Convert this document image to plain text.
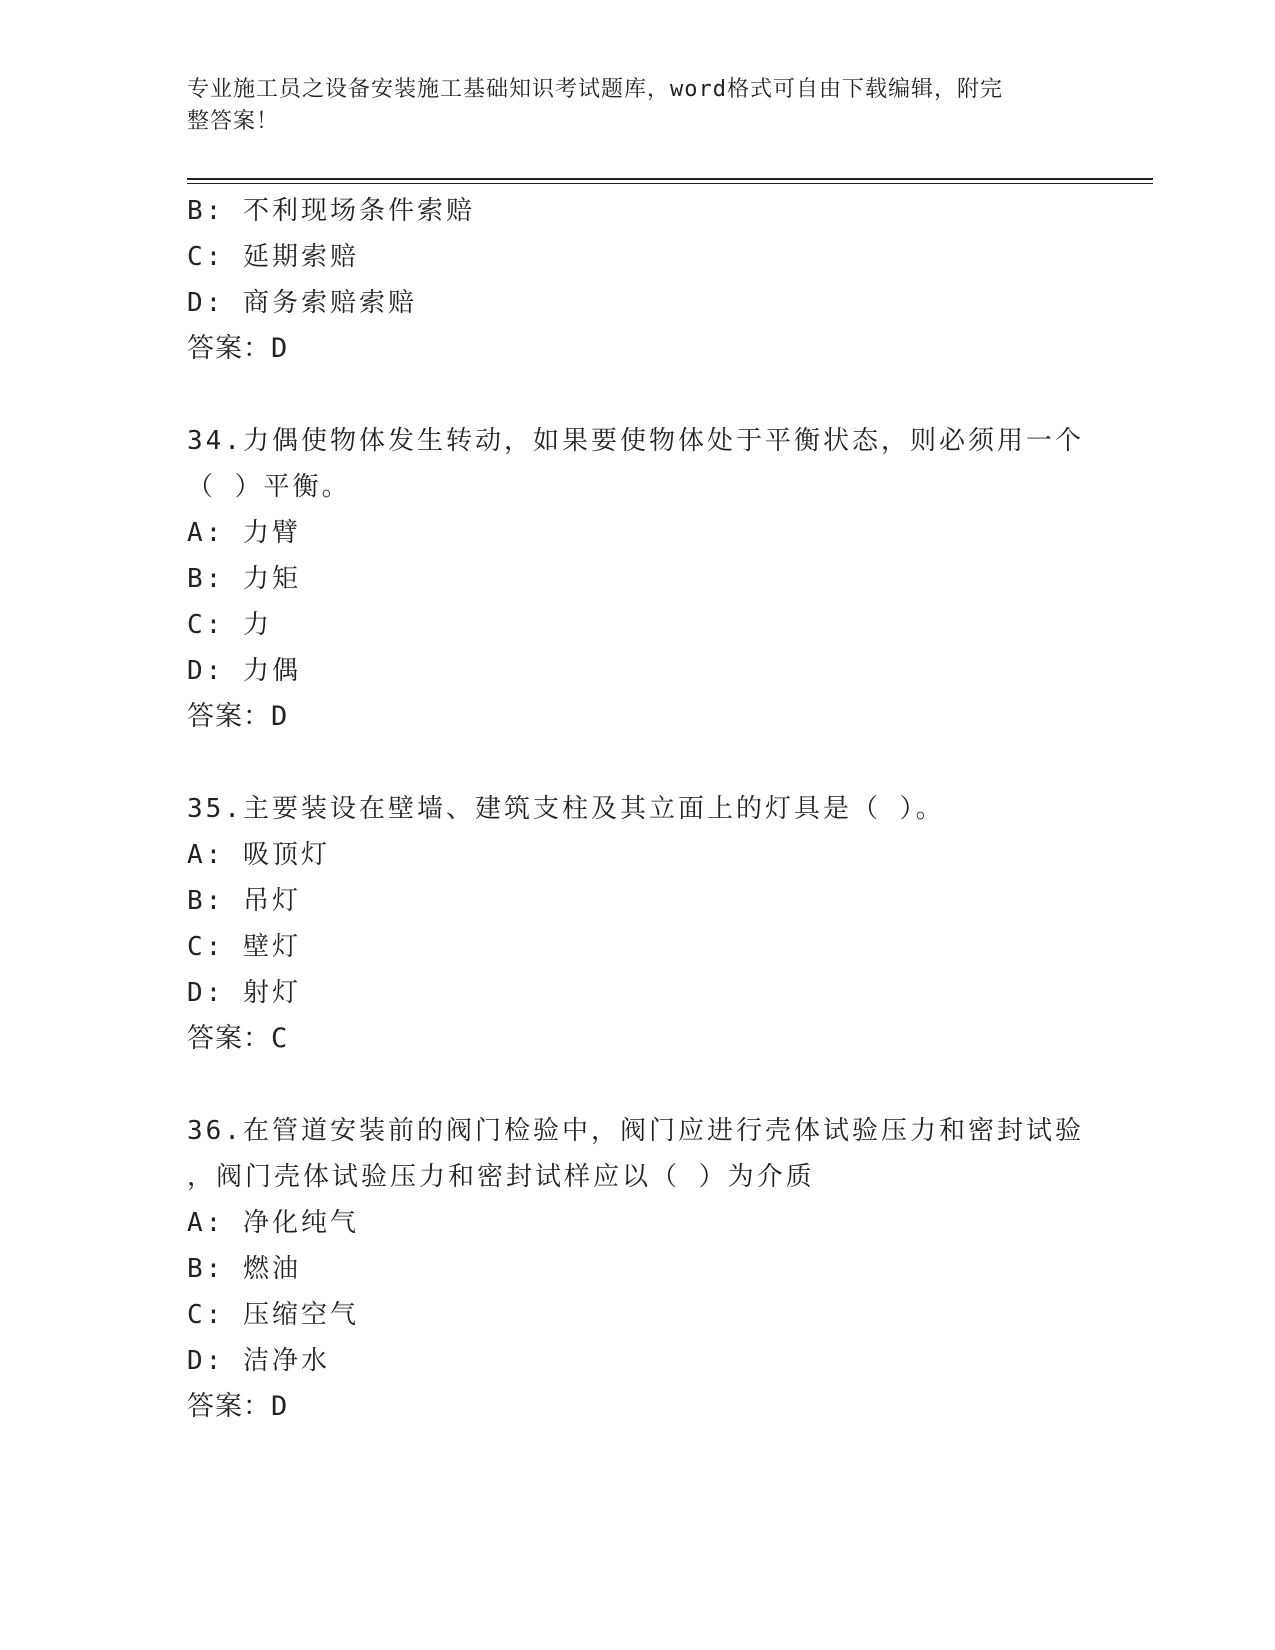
专业施工员之设备安装施工基础知识考试题库，word格式可自由下载编辑，附完
整答案！
B: 不利现场条件索赔
C: 延期索赔
D: 商务索赔索赔
答案：D
34.力偶使物体发生转动，如果要使物体处于平衡状态，则必须用一个
（ ）平衡。
A: 力臂
B: 力矩
C: 力
D: 力偶
答案：D
35.主要装设在壁墙、建筑支柱及其立面上的灯具是（ ）。
A: 吸顶灯
B: 吊灯
C: 壁灯
D: 射灯
答案：C
36.在管道安装前的阀门检验中，阀门应进行壳体试验压力和密封试验
，阀门壳体试验压力和密封试样应以（ ）为介质
A: 净化纯气
B: 燃油
C: 压缩空气
D: 洁净水
答案：D
